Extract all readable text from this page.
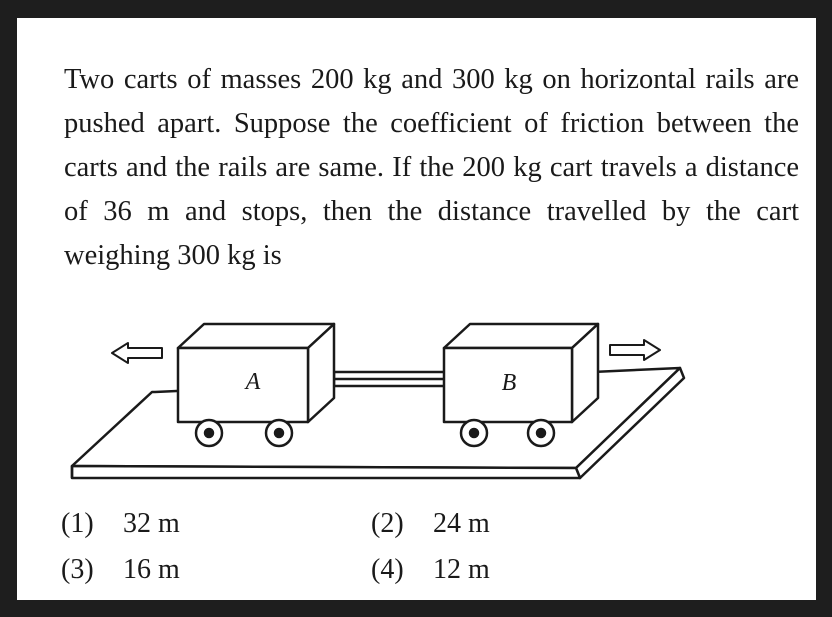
Two carts of masses 200 kg and 300 kg on horizontal rails are pushed apart. Suppose the coefficient of friction between the carts and the rails are same. If the 200 kg cart travels a distance of 36 m and stops, then the distance travelled by the cart weighing 300 kg is

A	B
(1) 32 m	(2) 24 m
(3) 16 m	(4) 12 m
